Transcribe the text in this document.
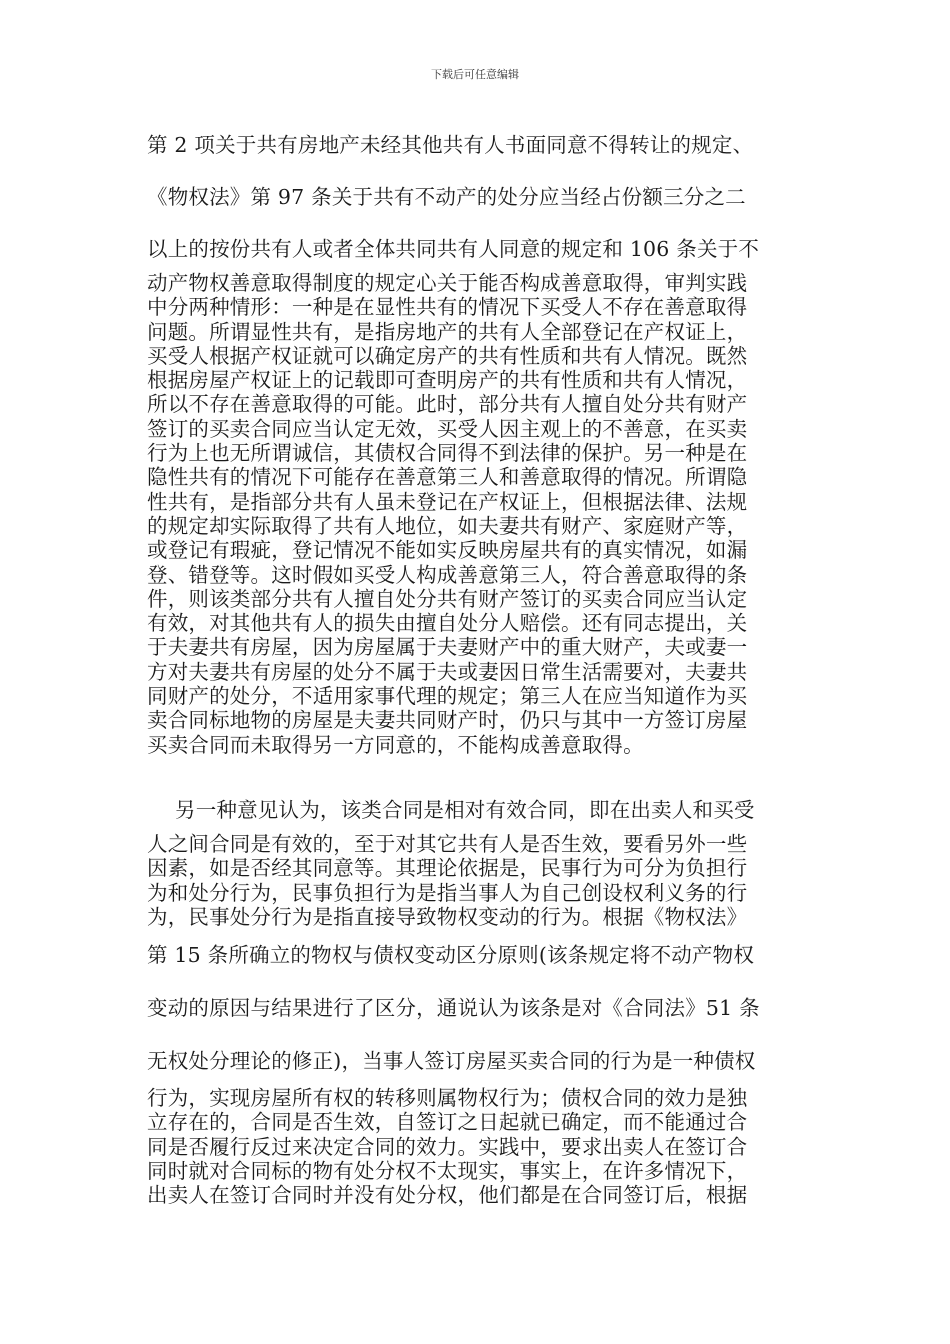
下载后可任意编辑
第 2 项关于共有房地产未经其他共有人书面同意不得转让的规定、
《物权法》第 97 条关于共有不动产的处分应当经占份额三分之二
以上的按份共有人或者全体共同共有人同意的规定和 106 条关于不
动产物权善意取得制度的规定心关于能否构成善意取得，审判实践
中分两种情形：一种是在显性共有的情况下买受人不存在善意取得
问题。所谓显性共有，是指房地产的共有人全部登记在产权证上，
买受人根据产权证就可以确定房产的共有性质和共有人情况。既然
根据房屋产权证上的记载即可查明房产的共有性质和共有人情况，
所以不存在善意取得的可能。此时，部分共有人擅自处分共有财产
签订的买卖合同应当认定无效，买受人因主观上的不善意，在买卖
行为上也无所谓诚信，其债权合同得不到法律的保护。另一种是在
隐性共有的情况下可能存在善意第三人和善意取得的情况。所谓隐
性共有，是指部分共有人虽未登记在产权证上，但根据法律、法规
的规定却实际取得了共有人地位，如夫妻共有财产、家庭财产等，
或登记有瑕疵，登记情况不能如实反映房屋共有的真实情况，如漏
登、错登等。这时假如买受人构成善意第三人，符合善意取得的条
件，则该类部分共有人擅自处分共有财产签订的买卖合同应当认定
有效，对其他共有人的损失由擅自处分人赔偿。还有同志提出，关
于夫妻共有房屋，因为房屋属于夫妻财产中的重大财产，夫或妻一
方对夫妻共有房屋的处分不属于夫或妻因日常生活需要对，夫妻共
同财产的处分，不适用家事代理的规定；第三人在应当知道作为买
卖合同标地物的房屋是夫妻共同财产时，仍只与其中一方签订房屋
买卖合同而未取得另一方同意的，不能构成善意取得。
另一种意见认为，该类合同是相对有效合同，即在出卖人和买受
人之间合同是有效的，至于对其它共有人是否生效，要看另外一些
因素，如是否经其同意等。其理论依据是，民事行为可分为负担行
为和处分行为，民事负担行为是指当事人为自己创设权利义务的行
为，民事处分行为是指直接导致物权变动的行为。根据《物权法》
第 15 条所确立的物权与债权变动区分原则(该条规定将不动产物权
变动的原因与结果进行了区分，通说认为该条是对《合同法》51 条
无权处分理论的修正)，当事人签订房屋买卖合同的行为是一种债权
行为，实现房屋所有权的转移则属物权行为；债权合同的效力是独
立存在的，合同是否生效，自签订之日起就已确定，而不能通过合
同是否履行反过来决定合同的效力。实践中，要求出卖人在签订合
同时就对合同标的物有处分权不太现实，事实上，在许多情况下，
出卖人在签订合同时并没有处分权，他们都是在合同签订后，根据
